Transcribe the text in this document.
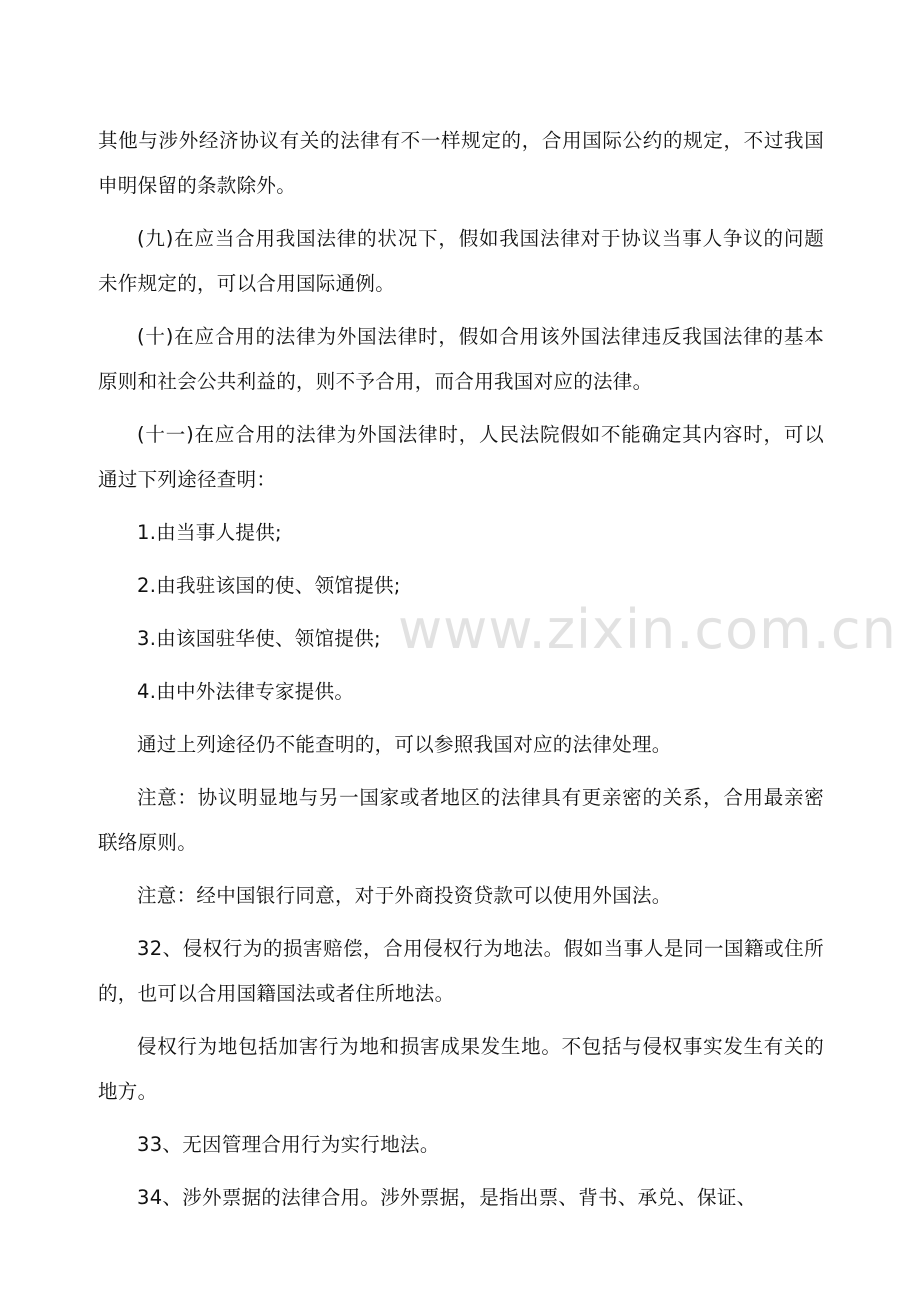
其他与涉外经济协议有关的法律有不一样规定的，合用国际公约的规定，不过我国申明保留的条款除外。

(九)在应当合用我国法律的状况下，假如我国法律对于协议当事人争议的问题未作规定的，可以合用国际通例。

(十)在应合用的法律为外国法律时，假如合用该外国法律违反我国法律的基本原则和社会公共利益的，则不予合用，而合用我国对应的法律。

(十一)在应合用的法律为外国法律时，人民法院假如不能确定其内容时，可以通过下列途径查明：

1.由当事人提供;

2.由我驻该国的使、领馆提供;

3.由该国驻华使、领馆提供;

4.由中外法律专家提供。

通过上列途径仍不能查明的，可以参照我国对应的法律处理。

注意：协议明显地与另一国家或者地区的法律具有更亲密的关系，合用最亲密联络原则。

注意：经中国银行同意，对于外商投资贷款可以使用外国法。

32、侵权行为的损害赔偿，合用侵权行为地法。假如当事人是同一国籍或住所的，也可以合用国籍国法或者住所地法。

侵权行为地包括加害行为地和损害成果发生地。不包括与侵权事实发生有关的地方。

33、无因管理合用行为实行地法。

34、涉外票据的法律合用。涉外票据，是指出票、背书、承兑、保证、

www.zixin.com.cn
